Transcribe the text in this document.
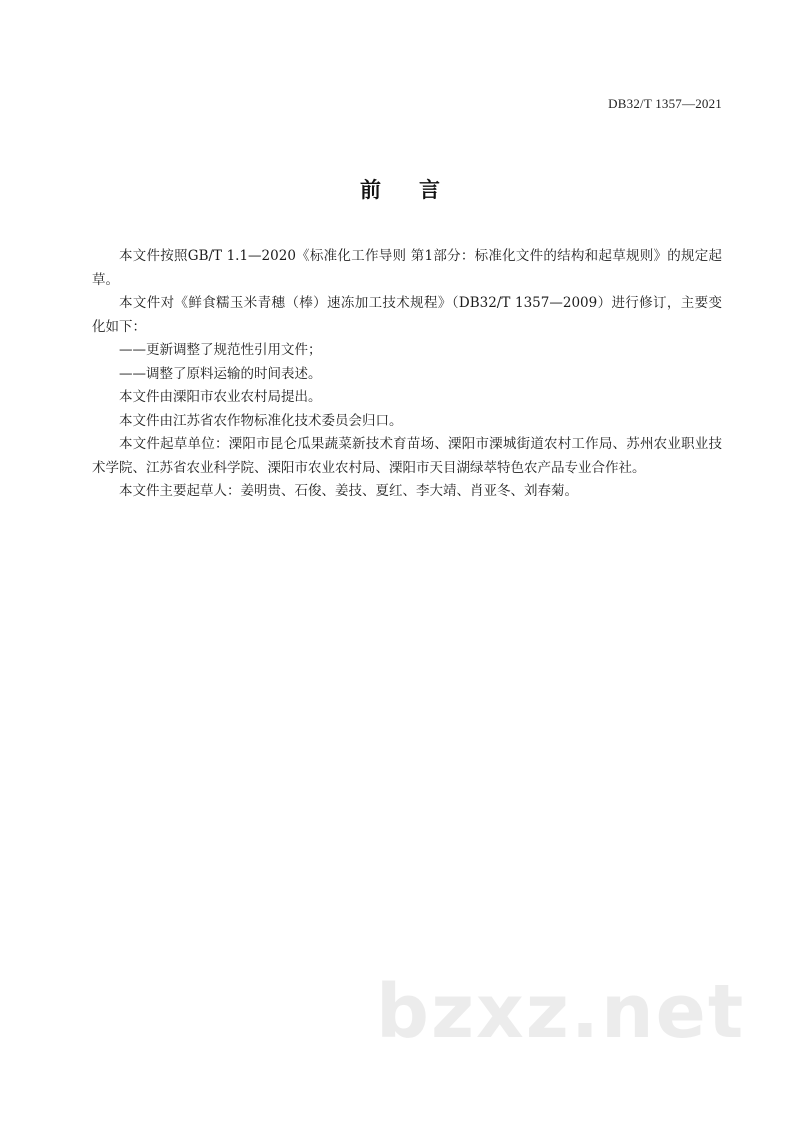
DB32/T 1357—2021
前言

本文件按照GB/T 1.1—2020《标准化工作导则 第1部分：标准化文件的结构和起草规则》的规定起草。

本文件对《鲜食糯玉米青穗（棒）速冻加工技术规程》（DB32/T 1357—2009）进行修订，主要变化如下：

——更新调整了规范性引用文件；

——调整了原料运输的时间表述。

本文件由溧阳市农业农村局提出。

本文件由江苏省农作物标准化技术委员会归口。

本文件起草单位：溧阳市昆仑瓜果蔬菜新技术育苗场、溧阳市溧城街道农村工作局、苏州农业职业技术学院、江苏省农业科学院、溧阳市农业农村局、溧阳市天目湖绿萃特色农产品专业合作社。

本文件主要起草人：姜明贵、石俊、姜技、夏红、李大靖、肖亚冬、刘春菊。

bzxz.net
